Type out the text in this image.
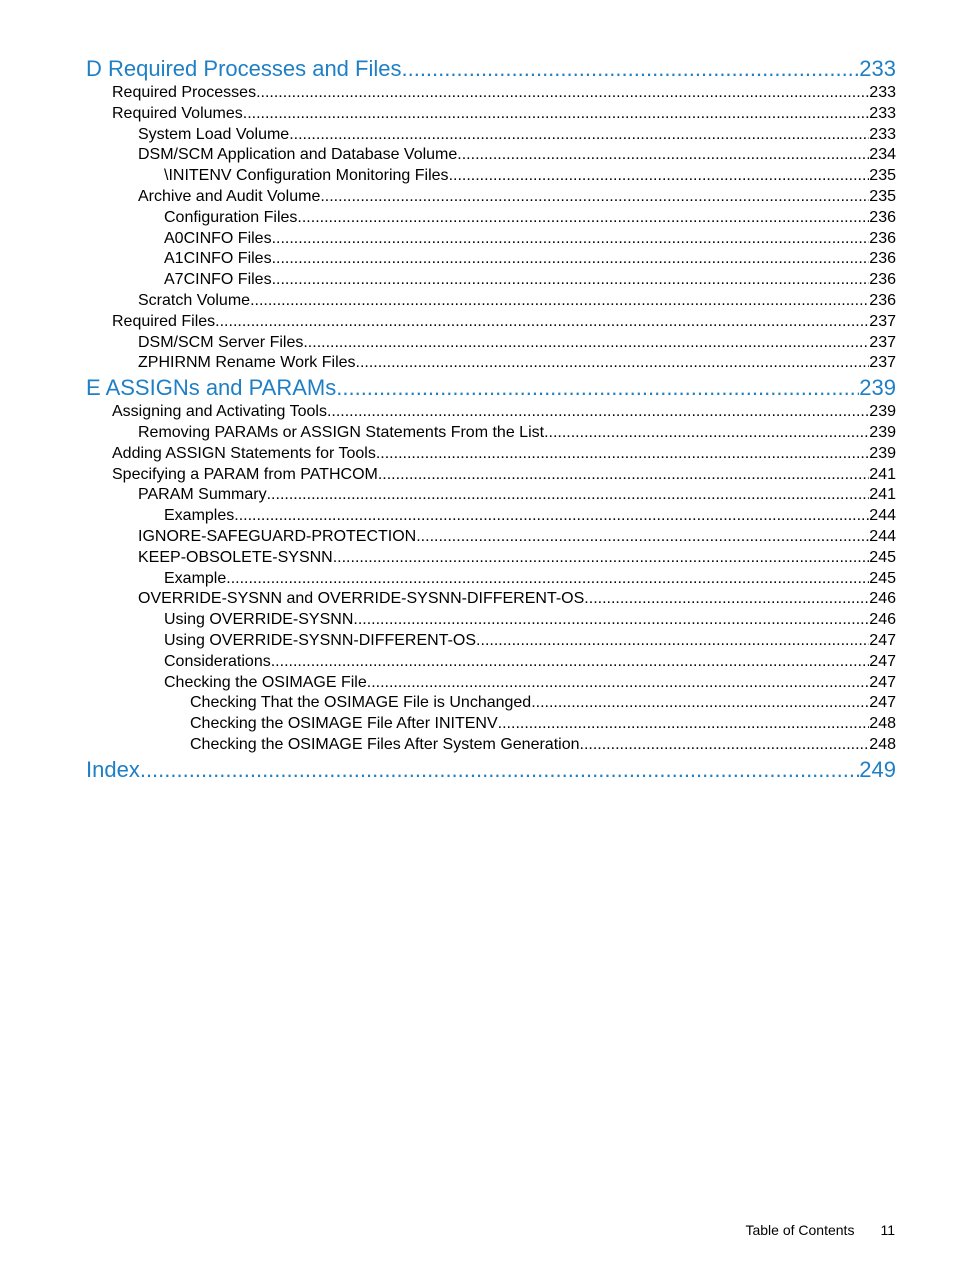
D Required Processes and Files .....	233
Required Processes .....	233
Required Volumes .....	233
System Load Volume .....	233
DSM/SCM Application and Database Volume .....	234
\INITENV Configuration Monitoring Files .....	235
Archive and Audit Volume .....	235
Configuration Files .....	236
A0CINFO Files .....	236
A1CINFO Files .....	236
A7CINFO Files .....	236
Scratch Volume .....	236
Required Files .....	237
DSM/SCM Server Files .....	237
ZPHIRNM Rename Work Files .....	237
E ASSIGNs and PARAMs .....	239
Assigning and Activating Tools .....	239
Removing PARAMs or ASSIGN Statements From the List .....	239
Adding ASSIGN Statements for Tools .....	239
Specifying a PARAM from PATHCOM .....	241
PARAM Summary .....	241
Examples .....	244
IGNORE-SAFEGUARD-PROTECTION .....	244
KEEP-OBSOLETE-SYSNN .....	245
Example .....	245
OVERRIDE-SYSNN and OVERRIDE-SYSNN-DIFFERENT-OS .....	246
Using OVERRIDE-SYSNN .....	246
Using OVERRIDE-SYSNN-DIFFERENT-OS .....	247
Considerations .....	247
Checking the OSIMAGE File .....	247
Checking That the OSIMAGE File is Unchanged .....	247
Checking the OSIMAGE File After INITENV .....	248
Checking the OSIMAGE Files After System Generation .....	248
Index .....	249
Table of Contents 11
